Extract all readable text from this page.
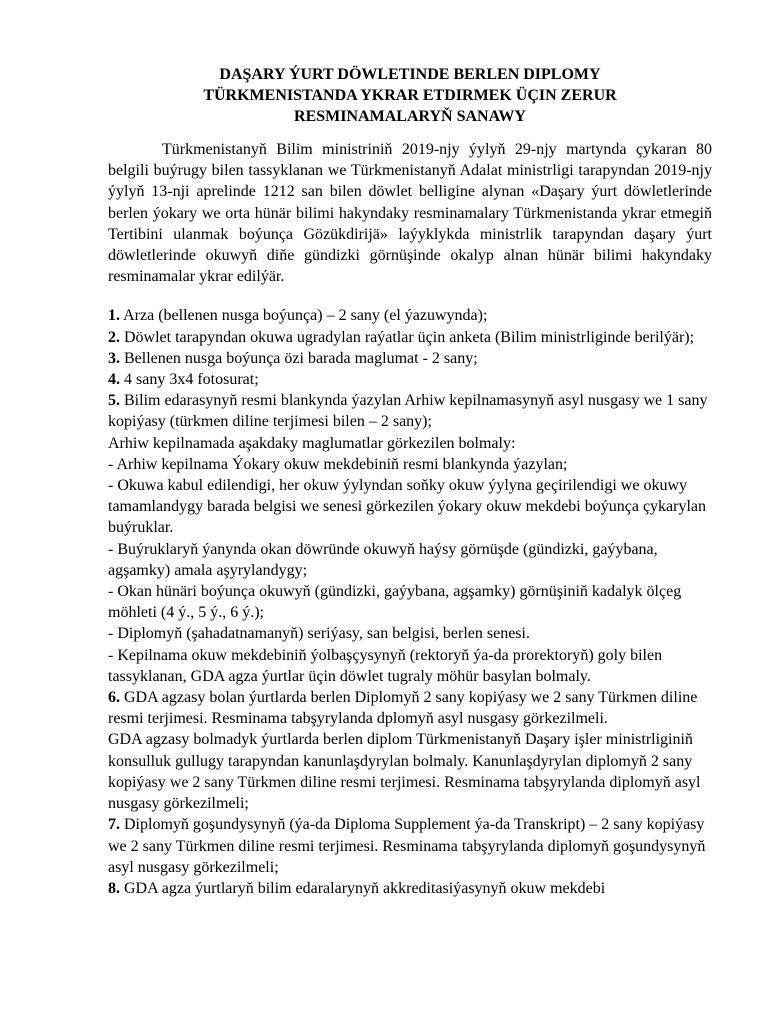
DAŞARY ÝURT DÖWLETINDE BERLEN DIPLOMY
TÜRKMENISTANDA YKRAR ETDIRMEK ÜÇIN ZERUR
RESMINAMALARYŇ SANAWY

Türkmenistanyň Bilim ministriniň 2019-njy ýylyň 29-njy martynda çykaran 80 belgili buýrugy bilen tassyklanan we Türkmenistanyň Adalat ministrligi tarapyndan 2019-njy ýylyň 13-nji aprelinde 1212 san bilen döwlet belligine alynan «Daşary ýurt döwletlerinde berlen ýokary we orta hünär bilimi hakyndaky resminamalary Türkmenistanda ykrar etmegiň Tertibini ulanmak boýunça Gözükdirijä» laýyklykda ministrlik tarapyndan daşary ýurt döwletlerinde okuwyň diňe gündizki görnüşinde okalyp alnan hünär bilimi hakyndaky resminamalar ykrar edilýär.

1. Arza (bellenen nusga boýunça) – 2 sany (el ýazuwynda);

2. Döwlet tarapyndan okuwa ugradylan raýatlar üçin anketa (Bilim ministrliginde berilýär);

3. Bellenen nusga boýunça özi barada maglumat - 2 sany;

4. 4 sany 3x4 fotosurat;

5. Bilim edarasynyň resmi blankynda ýazylan Arhiw kepilnamasynyň asyl nusgasy we 1 sany kopiýasy (türkmen diline terjimesi bilen – 2 sany);

Arhiw kepilnamada aşakdaky maglumatlar görkezilen bolmaly:

- Arhiw kepilnama Ýokary okuw mekdebiniň resmi blankynda ýazylan;

- Okuwa kabul edilendigi, her okuw ýylyndan soňky okuw ýylyna geçirilendigi we okuwy tamamlandygy barada belgisi we senesi görkezilen ýokary okuw mekdebi boýunça çykarylan buýruklar.

- Buýruklaryň ýanynda okan döwründe okuwyň haýsy görnüşde (gündizki, gaýybana, agşamky) amala aşyrylandygy;

- Okan hünäri boýunça okuwyň (gündizki, gaýybana, agşamky) görnüşiniň kadalyk ölçeg möhleti (4 ý., 5 ý., 6 ý.);

- Diplomyň (şahadatnamanyň) seriýasy, san belgisi, berlen senesi.

- Kepilnama okuw mekdebiniň ýolbaşçysynyň (rektoryň ýa-da prorektoryň) goly bilen tassyklanan, GDA agza ýurtlar üçin döwlet tugraly möhür basylan bolmaly.

6. GDA agzasy bolan ýurtlarda berlen Diplomyň 2 sany kopiýasy we 2 sany Türkmen diline resmi terjimesi. Resminama tabşyrylanda dplomyň asyl nusgasy görkezilmeli.

GDA agzasy bolmadyk ýurtlarda berlen diplom Türkmenistanyň Daşary işler ministrliginiň konsulluk gullugy tarapyndan kanunlaşdyrylan bolmaly. Kanunlaşdyrylan diplomyň 2 sany kopiýasy we 2 sany Türkmen diline resmi terjimesi. Resminama tabşyrylanda diplomyň asyl nusgasy görkezilmeli;

7. Diplomyň goşundysynyň (ýa-da Diploma Supplement ýa-da Transkript) – 2 sany kopiýasy we 2 sany Türkmen diline resmi terjimesi. Resminama tabşyrylanda diplomyň goşundysynyň asyl nusgasy görkezilmeli;

8. GDA agza ýurtlaryň bilim edaralarynyň akkreditasiýasynyň okuw mekdebi
